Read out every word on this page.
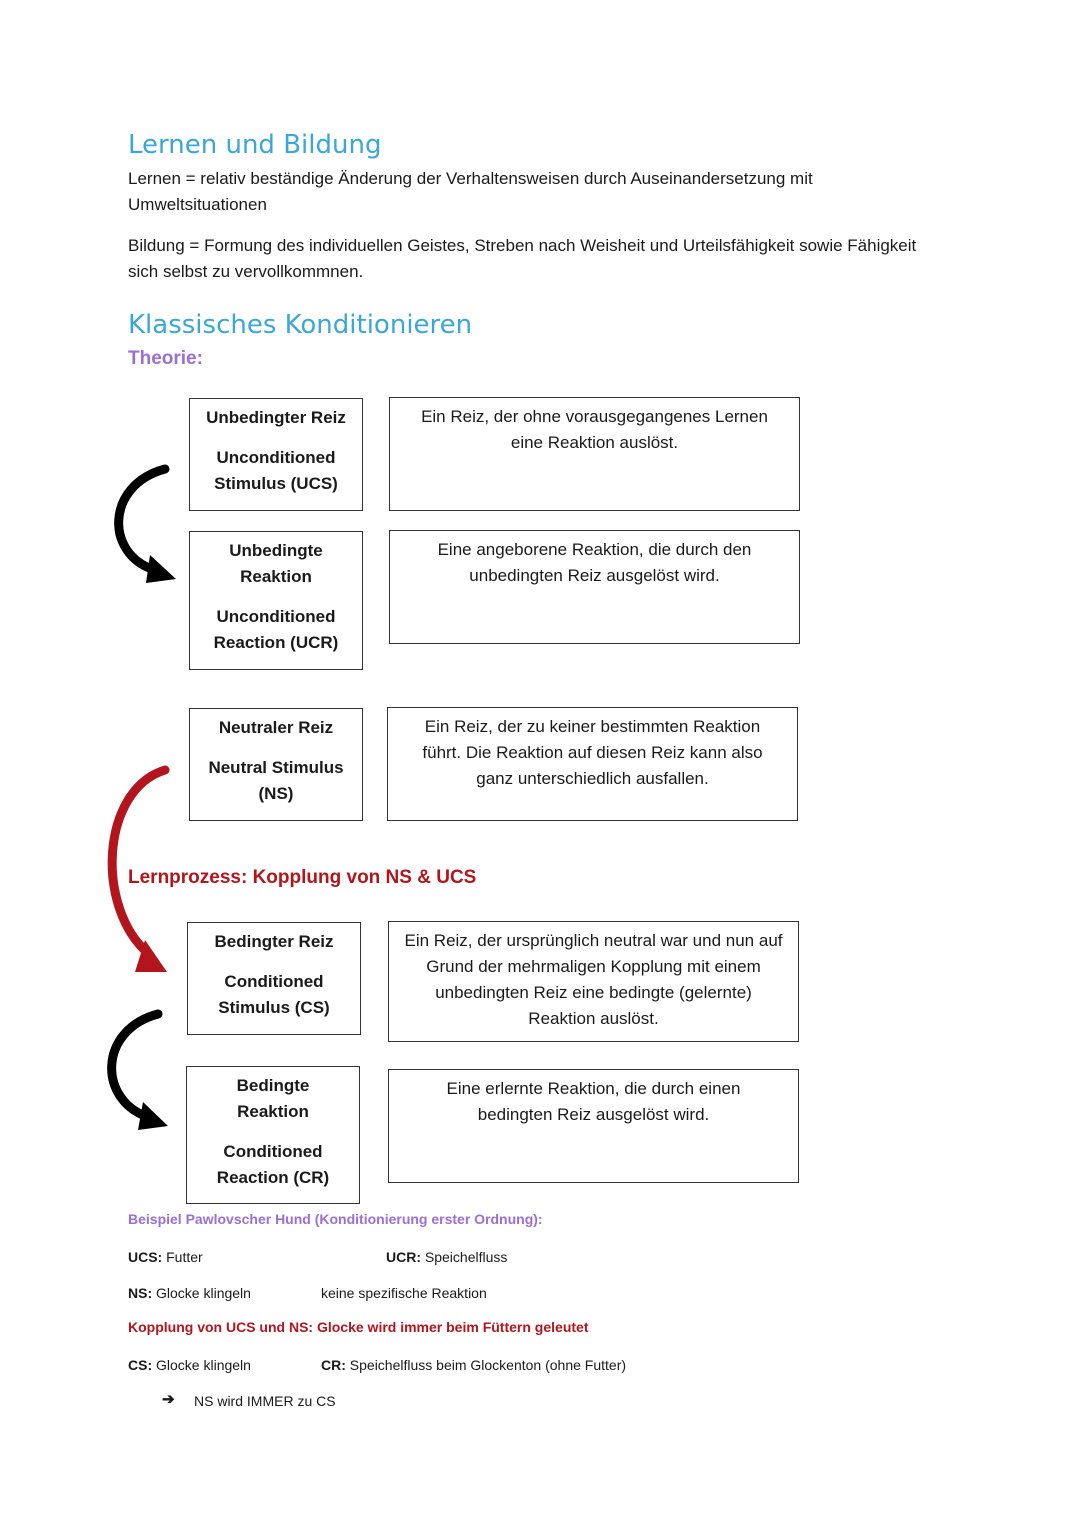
Lernen und Bildung
Lernen = relativ beständige Änderung der Verhaltensweisen durch Auseinandersetzung mit Umweltsituationen
Bildung = Formung des individuellen Geistes, Streben nach Weisheit und Urteilsfähigkeit sowie Fähigkeit sich selbst zu vervollkommnen.
Klassisches Konditionieren
Theorie:
Unbedingter Reiz
Unconditioned Stimulus (UCS)
Ein Reiz, der ohne vorausgegangenes Lernen eine Reaktion auslöst.
Unbedingte Reaktion
Unconditioned Reaction (UCR)
Eine angeborene Reaktion, die durch den unbedingten Reiz ausgelöst wird.
Neutraler Reiz
Neutral Stimulus (NS)
Ein Reiz, der zu keiner bestimmten Reaktion führt. Die Reaktion auf diesen Reiz kann also ganz unterschiedlich ausfallen.
Lernprozess: Kopplung von NS & UCS
Bedingter Reiz
Conditioned Stimulus (CS)
Ein Reiz, der ursprünglich neutral war und nun auf Grund der mehrmaligen Kopplung mit einem unbedingten Reiz eine bedingte (gelernte) Reaktion auslöst.
Bedingte Reaktion
Conditioned Reaction (CR)
Eine erlernte Reaktion, die durch einen bedingten Reiz ausgelöst wird.
Beispiel Pawlovscher Hund (Konditionierung erster Ordnung):
UCS: Futter	UCR: Speichelfluss
NS: Glocke klingeln	keine spezifische Reaktion
Kopplung von UCS und NS: Glocke wird immer beim Füttern geleutet
CS: Glocke klingeln	CR: Speichelfluss beim Glockenton (ohne Futter)
➔ NS wird IMMER zu CS
